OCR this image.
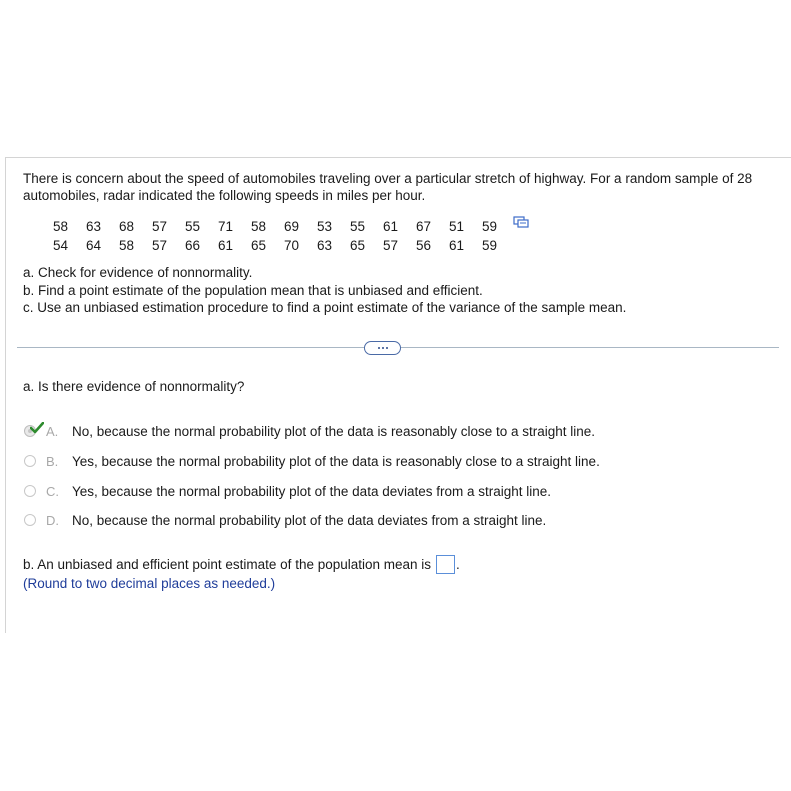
There is concern about the speed of automobiles traveling over a particular stretch of highway. For a random sample of 28 automobiles, radar indicated the following speeds in miles per hour.

58	63	68	57	55	71	58	69	53	55	61	67	51	59
54	64	58	57	66	61	65	70	63	65	57	56	61	59
a. Check for evidence of nonnormality.
b. Find a point estimate of the population mean that is unbiased and efficient.
c. Use an unbiased estimation procedure to find a point estimate of the variance of the sample mean.
a. Is there evidence of nonnormality?
A. No, because the normal probability plot of the data is reasonably close to a straight line.
B. Yes, because the normal probability plot of the data is reasonably close to a straight line.
C. Yes, because the normal probability plot of the data deviates from a straight line.
D. No, because the normal probability plot of the data deviates from a straight line.
b. An unbiased and efficient point estimate of the population mean is .
(Round to two decimal places as needed.)
